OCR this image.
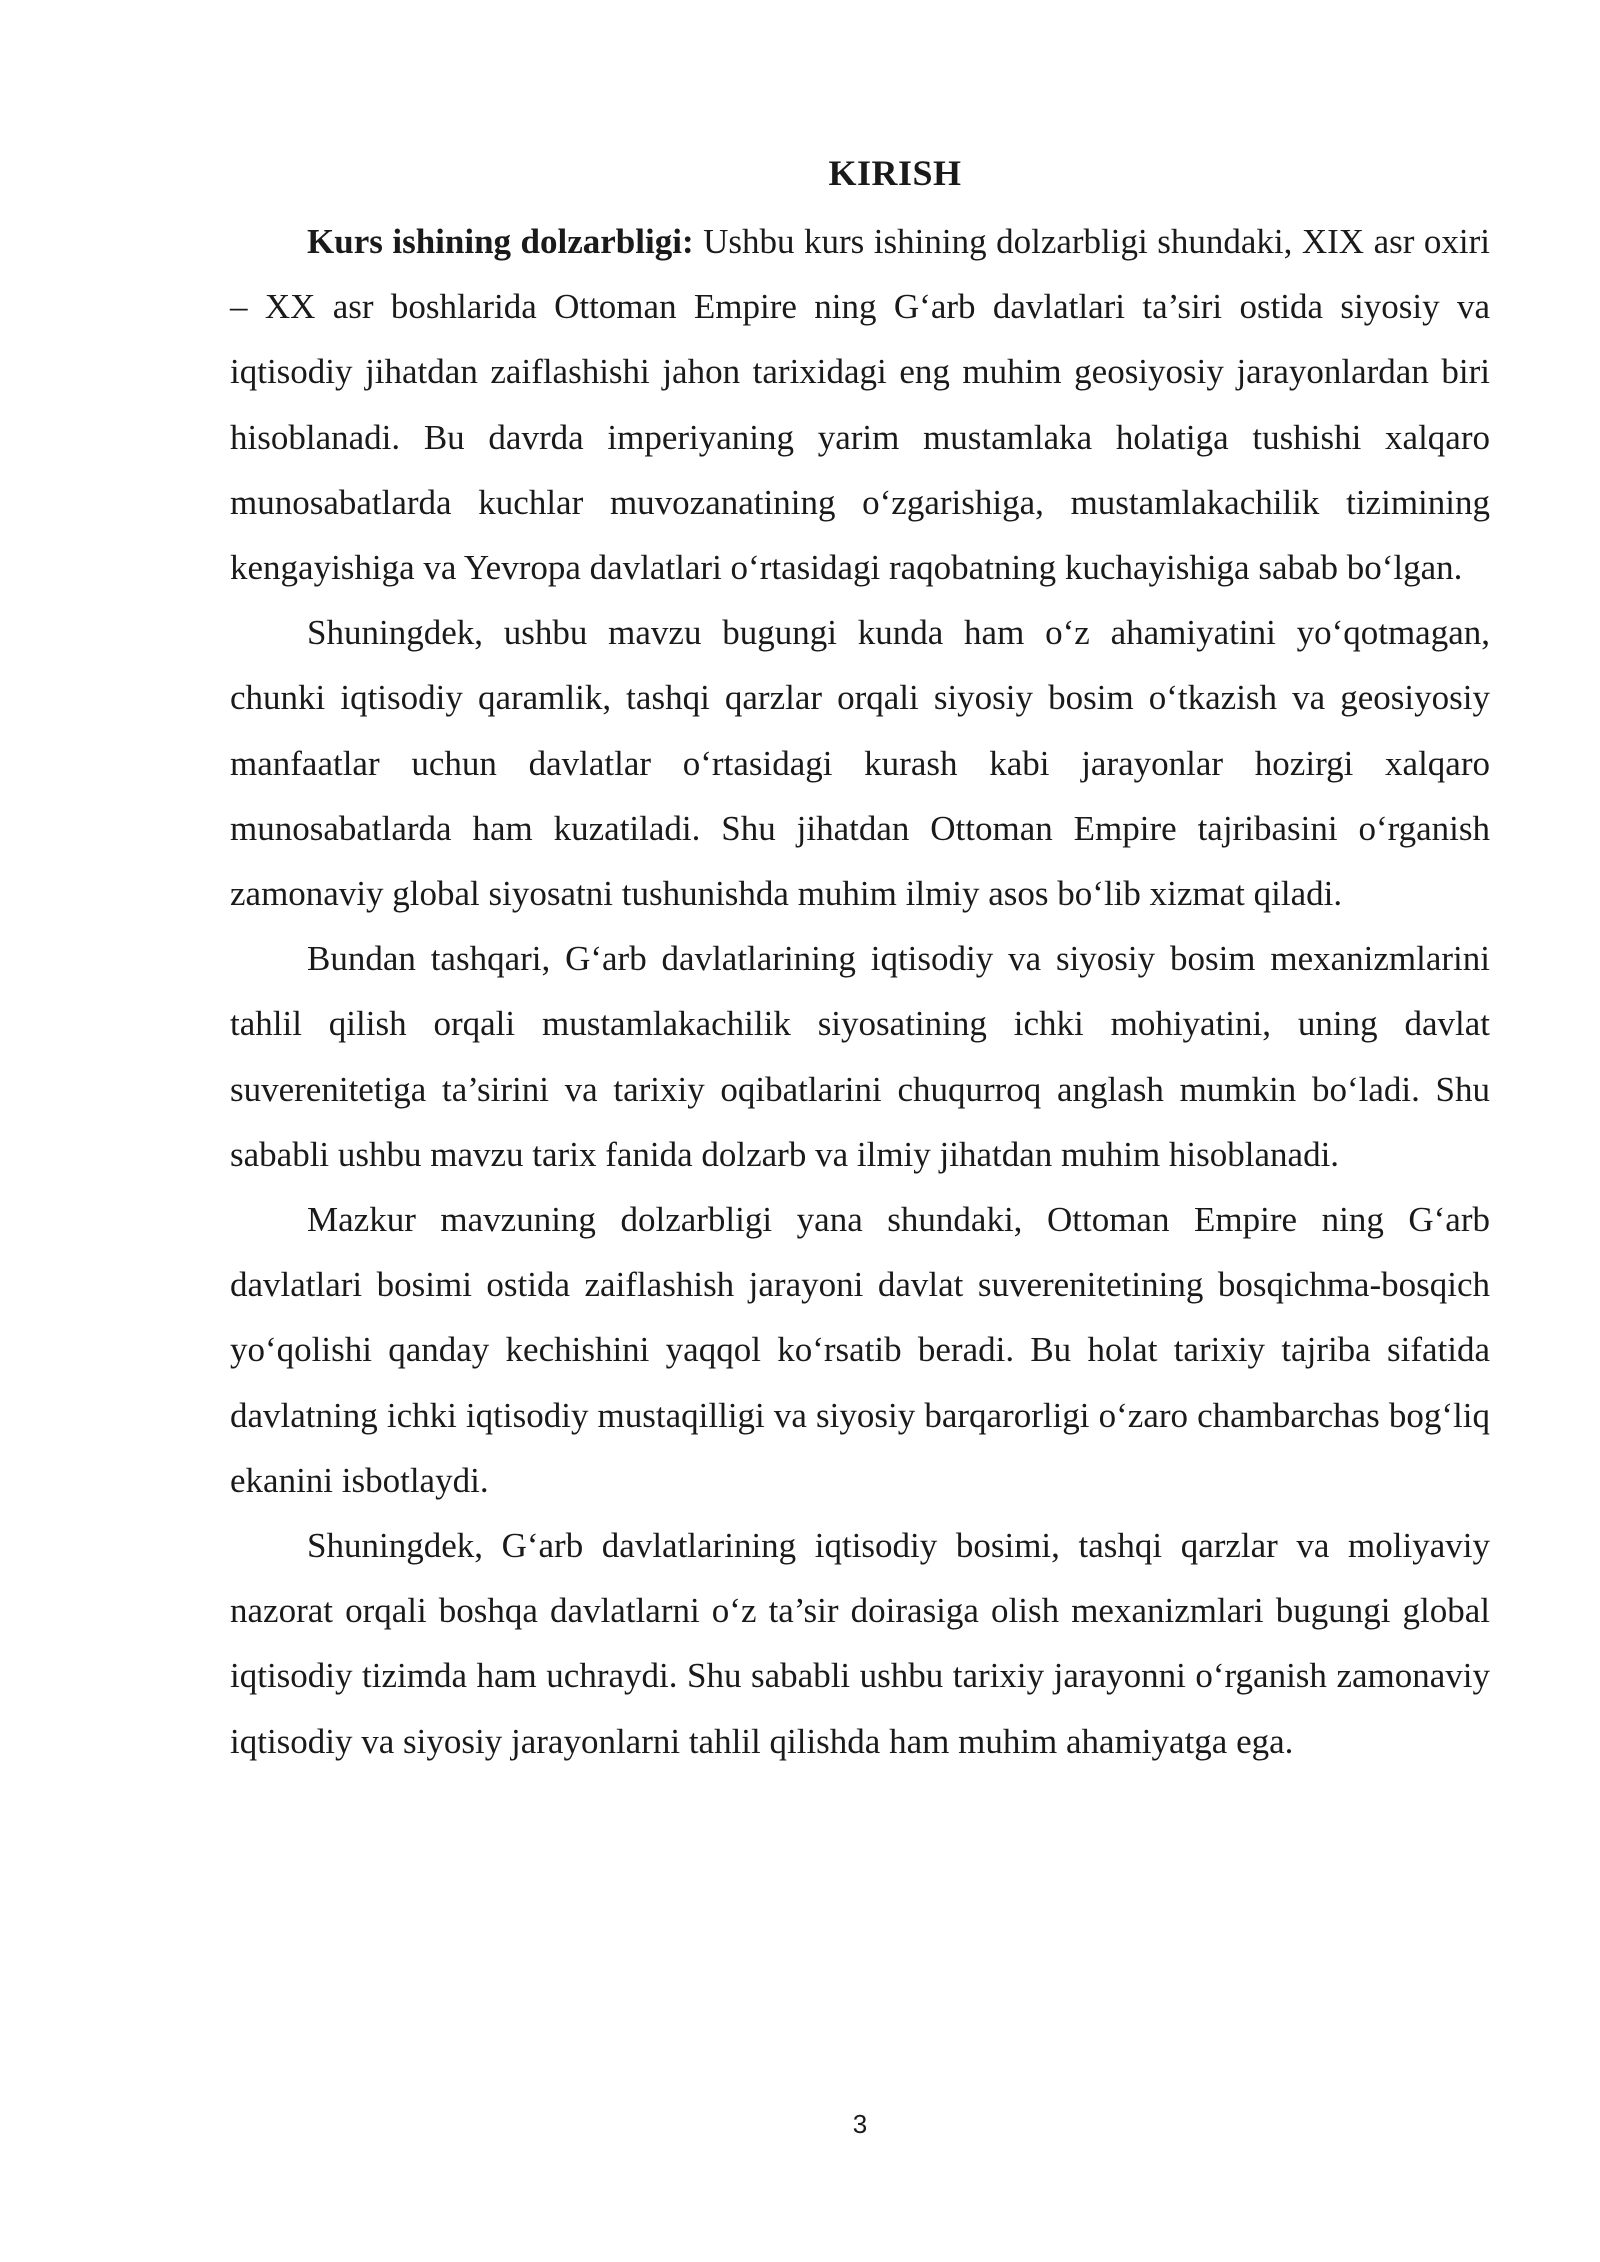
KIRISH

Kurs ishining dolzarbligi: Ushbu kurs ishining dolzarbligi shundaki, XIX asr oxiri – XX asr boshlarida Ottoman Empire ning G‘arb davlatlari ta’siri ostida siyosiy va iqtisodiy jihatdan zaiflashishi jahon tarixidagi eng muhim geosiyosiy jarayonlardan biri hisoblanadi. Bu davrda imperiyaning yarim mustamlaka holatiga tushishi xalqaro munosabatlarda kuchlar muvozanatining o‘zgarishiga, mustamlakachilik tizimining kengayishiga va Yevropa davlatlari o‘rtasidagi raqobatning kuchayishiga sabab bo‘lgan.

Shuningdek, ushbu mavzu bugungi kunda ham o‘z ahamiyatini yo‘qotmagan, chunki iqtisodiy qaramlik, tashqi qarzlar orqali siyosiy bosim o‘tkazish va geosiyosiy manfaatlar uchun davlatlar o‘rtasidagi kurash kabi jarayonlar hozirgi xalqaro munosabatlarda ham kuzatiladi. Shu jihatdan Ottoman Empire tajribasini o‘rganish zamonaviy global siyosatni tushunishda muhim ilmiy asos bo‘lib xizmat qiladi.

Bundan tashqari, G‘arb davlatlarining iqtisodiy va siyosiy bosim mexanizmlarini tahlil qilish orqali mustamlakachilik siyosatining ichki mohiyatini, uning davlat suverenitetiga ta’sirini va tarixiy oqibatlarini chuqurroq anglash mumkin bo‘ladi. Shu sababli ushbu mavzu tarix fanida dolzarb va ilmiy jihatdan muhim hisoblanadi.

Mazkur mavzuning dolzarbligi yana shundaki, Ottoman Empire ning G‘arb davlatlari bosimi ostida zaiflashish jarayoni davlat suverenitetining bosqichma-bosqich yo‘qolishi qanday kechishini yaqqol ko‘rsatib beradi. Bu holat tarixiy tajriba sifatida davlatning ichki iqtisodiy mustaqilligi va siyosiy barqarorligi o‘zaro chambarchas bog‘liq ekanini isbotlaydi.

Shuningdek, G‘arb davlatlarining iqtisodiy bosimi, tashqi qarzlar va moliyaviy nazorat orqali boshqa davlatlarni o‘z ta’sir doirasiga olish mexanizmlari bugungi global iqtisodiy tizimda ham uchraydi. Shu sababli ushbu tarixiy jarayonni o‘rganish zamonaviy iqtisodiy va siyosiy jarayonlarni tahlil qilishda ham muhim ahamiyatga ega.

3
